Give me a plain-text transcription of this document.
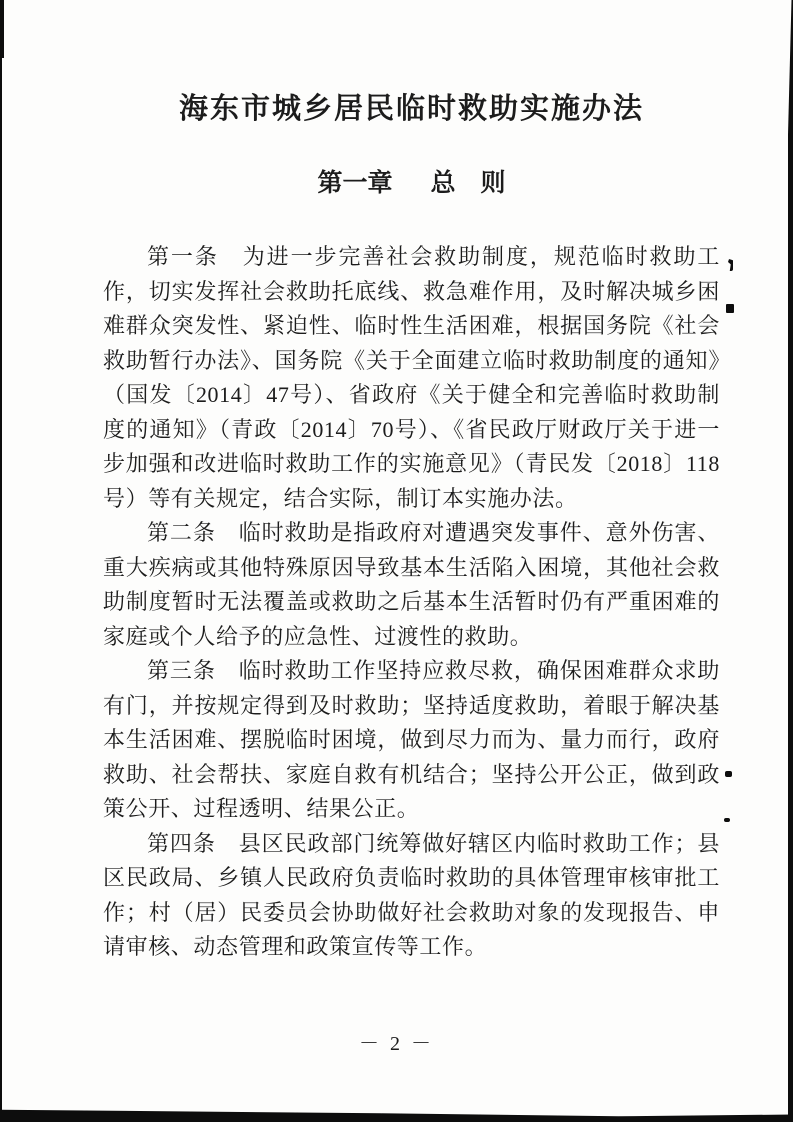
海东市城乡居民临时救助实施办法
第一章 总　则

第一条　为进一步完善社会救助制度，规范临时救助工作，切实发挥社会救助托底线、救急难作用，及时解决城乡困难群众突发性、紧迫性、临时性生活困难，根据国务院《社会救助暂行办法》、国务院《关于全面建立临时救助制度的通知》（国发〔2014〕47号）、省政府《关于健全和完善临时救助制度的通知》（青政〔2014〕70号）、《省民政厅财政厅关于进一步加强和改进临时救助工作的实施意见》（青民发〔2018〕118号）等有关规定，结合实际，制订本实施办法。

第二条　临时救助是指政府对遭遇突发事件、意外伤害、重大疾病或其他特殊原因导致基本生活陷入困境，其他社会救助制度暂时无法覆盖或救助之后基本生活暂时仍有严重困难的家庭或个人给予的应急性、过渡性的救助。

第三条　临时救助工作坚持应救尽救，确保困难群众求助有门，并按规定得到及时救助；坚持适度救助，着眼于解决基本生活困难、摆脱临时困境，做到尽力而为、量力而行，政府救助、社会帮扶、家庭自救有机结合；坚持公开公正，做到政策公开、过程透明、结果公正。

第四条　县区民政部门统筹做好辖区内临时救助工作；县区民政局、乡镇人民政府负责临时救助的具体管理审核审批工作；村（居）民委员会协助做好社会救助对象的发现报告、申请审核、动态管理和政策宣传等工作。

－ 2 －
